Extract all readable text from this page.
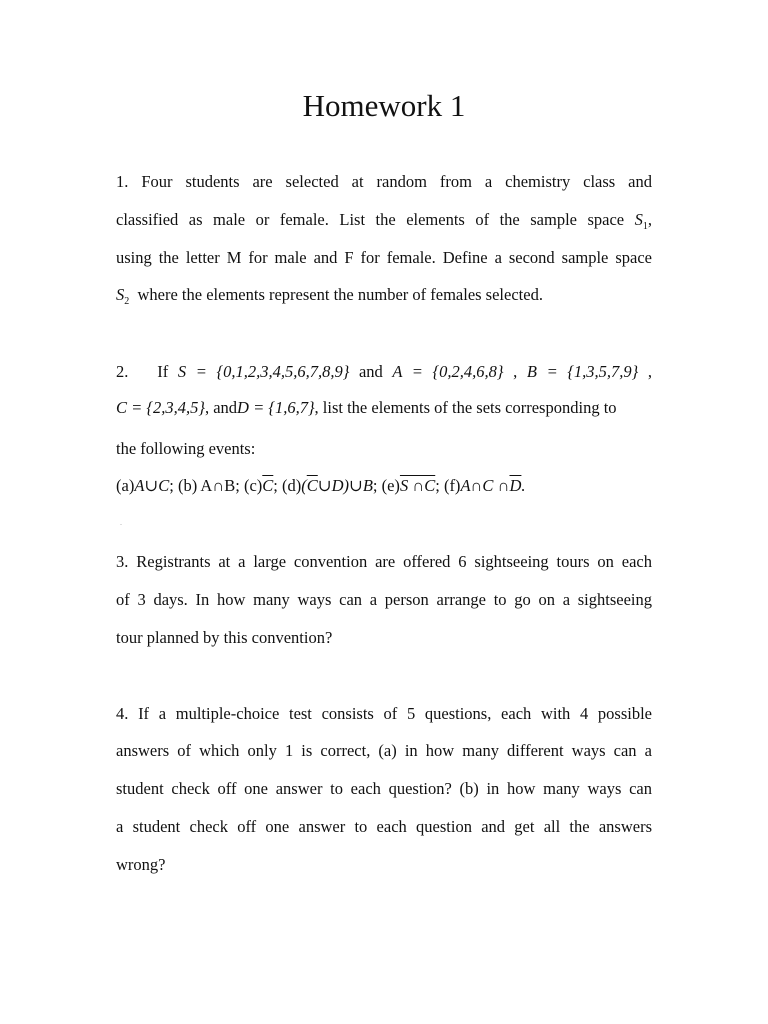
Homework 1
1. Four students are selected at random from a chemistry class and
classified as male or female. List the elements of the sample space $S_1$,
using the letter M for male and F for female. Define a second sample space
$S_2$ where the elements represent the number of females selected.
2. If S = {0,1,2,3,4,5,6,7,8,9} and A = {0,2,4,6,8} , B = {1,3,5,7,9} ,
C = {2,3,4,5}, andD = {1,6,7}, list the elements of the sets corresponding to
the following events:
(a)A∪C; (b) A∩B; $(c)\overline{C}$; $(d)(\overline{C}\cup D)\cup B$; (e)S ∩C; (f)A∩C $\cap\overline{D}$.
.
3. Registrants at a large convention are offered 6 sightseeing tours on each
of 3 days. In how many ways can a person arrange to go on a sightseeing
tour planned by this convention?
4. If a multiple-choice test consists of 5 questions, each with 4 possible
answers of which only 1 is correct, (a) in how many different ways can a
student check off one answer to each question? (b) in how many ways can
a student check off one answer to each question and get all the answers
wrong?
